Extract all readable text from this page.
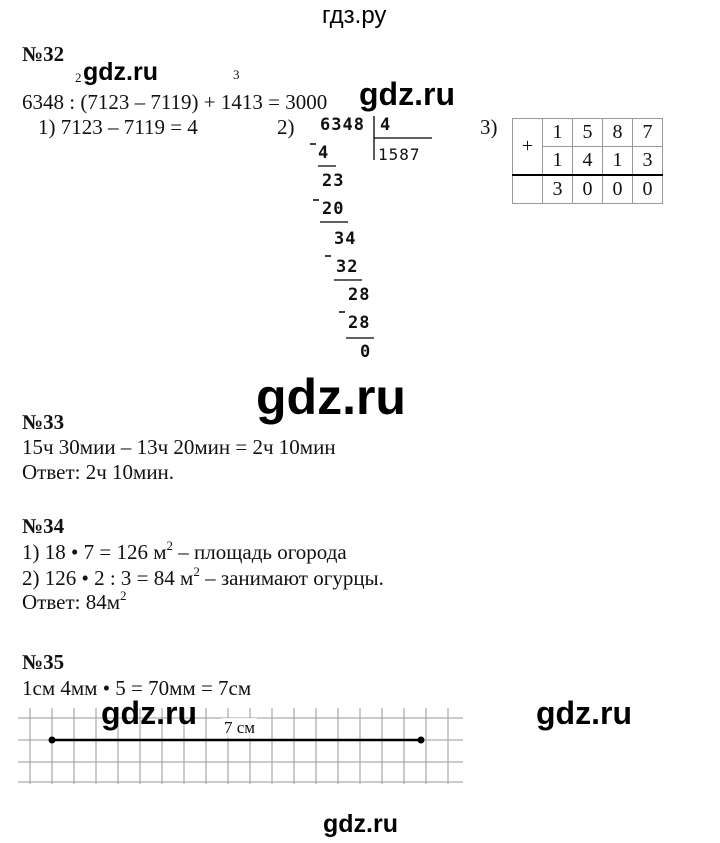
гдз.ру
№32
2	3
6348 : (7123 – 7119) + 1413 = 3000
1) 7123 – 7119 = 4	2) 6348 4
1587
4
23
20
34
32
28
28
0
3)
+	1	5	8	7
	1	4	1	3
	3	0	0	0
№33
15ч 30мии – 13ч 20мин = 2ч 10мин
Ответ: 2ч 10мин.
№34
1) 18 • 7 = 126 $м^2$ – площадь огорода
2) 126 • 2 : 3 = 84 $м^2$ – занимают огурцы.
Ответ: $84м^2$
№35
1см 4мм • 5 = 70мм = 7см
7 см
gdz.ru
gdz.ru
gdz.ru
gdz.ru	gdz.ru
gdz.ru
